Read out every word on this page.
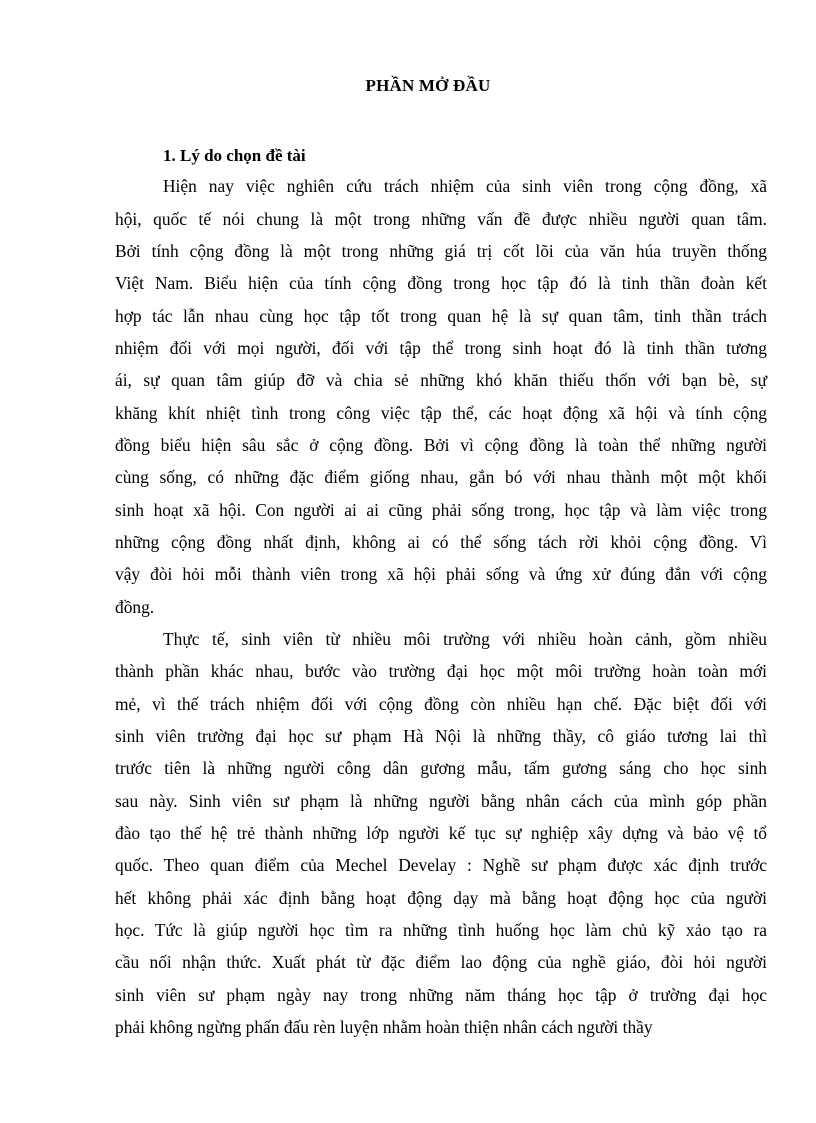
PHẦN MỞ ĐẦU
1. Lý do chọn đề tài
Hiện nay việc nghiên cứu trách nhiệm của sinh viên trong cộng đồng, xã
hội, quốc tế nói chung là một trong những vấn đề được nhiều người quan tâm.
Bởi tính cộng đồng là một trong những giá trị cốt lõi của văn húa truyền thống
Việt Nam. Biểu hiện của tính cộng đồng trong học tập đó là tinh thần đoàn kết
hợp tác lẫn nhau cùng học tập tốt trong quan hệ là sự quan tâm, tinh thần trách
nhiệm đối với mọi người, đối với tập thể trong sinh hoạt đó là tinh thần tương
ái, sự quan tâm giúp đỡ và chia sẻ những khó khăn thiếu thốn với bạn bè, sự
khăng khít nhiệt tình trong công việc tập thể, các hoạt động xã hội và tính cộng
đồng biểu hiện sâu sắc ở cộng đồng. Bởi vì cộng đồng là toàn thể những người
cùng sống, có những đặc điểm giống nhau, gắn bó với nhau thành một một khối
sinh hoạt xã hội. Con người ai ai cũng phải sống trong, học tập và làm việc trong
những cộng đồng nhất định, không ai có thể sống tách rời khỏi cộng đồng. Vì
vậy đòi hỏi mỗi thành viên trong xã hội phải sống và ứng xử đúng đắn với cộng
đồng.
Thực tế, sinh viên từ nhiều môi trường với nhiều hoàn cảnh, gồm nhiều
thành phần khác nhau, bước vào trường đại học một môi trường hoàn toàn mới
mẻ, vì thế trách nhiệm đối với cộng đồng còn nhiều hạn chế. Đặc biệt đối với
sinh viên trường đại học sư phạm Hà Nội là những thầy, cô giáo tương lai thì
trước tiên là những người công dân gương mẫu, tấm gương sáng cho học sinh
sau này. Sinh viên sư phạm là những người bằng nhân cách của mình góp phần
đào tạo thế hệ trẻ thành những lớp người kế tục sự nghiệp xây dựng và bảo vệ tổ
quốc. Theo quan điểm của Mechel Develay : Nghề sư phạm được xác định trước
hết không phải xác định bằng hoạt động dạy mà bằng hoạt động học của người
học. Tức là giúp người học tìm ra những tình huống học làm chủ kỹ xảo tạo ra
cầu nối nhận thức. Xuất phát từ đặc điểm lao động của nghề giáo, đòi hỏi người
sinh viên sư phạm ngày nay trong những năm tháng học tập ở trường đại học
phải không ngừng phấn đấu rèn luyện nhằm hoàn thiện nhân cách người thầy
